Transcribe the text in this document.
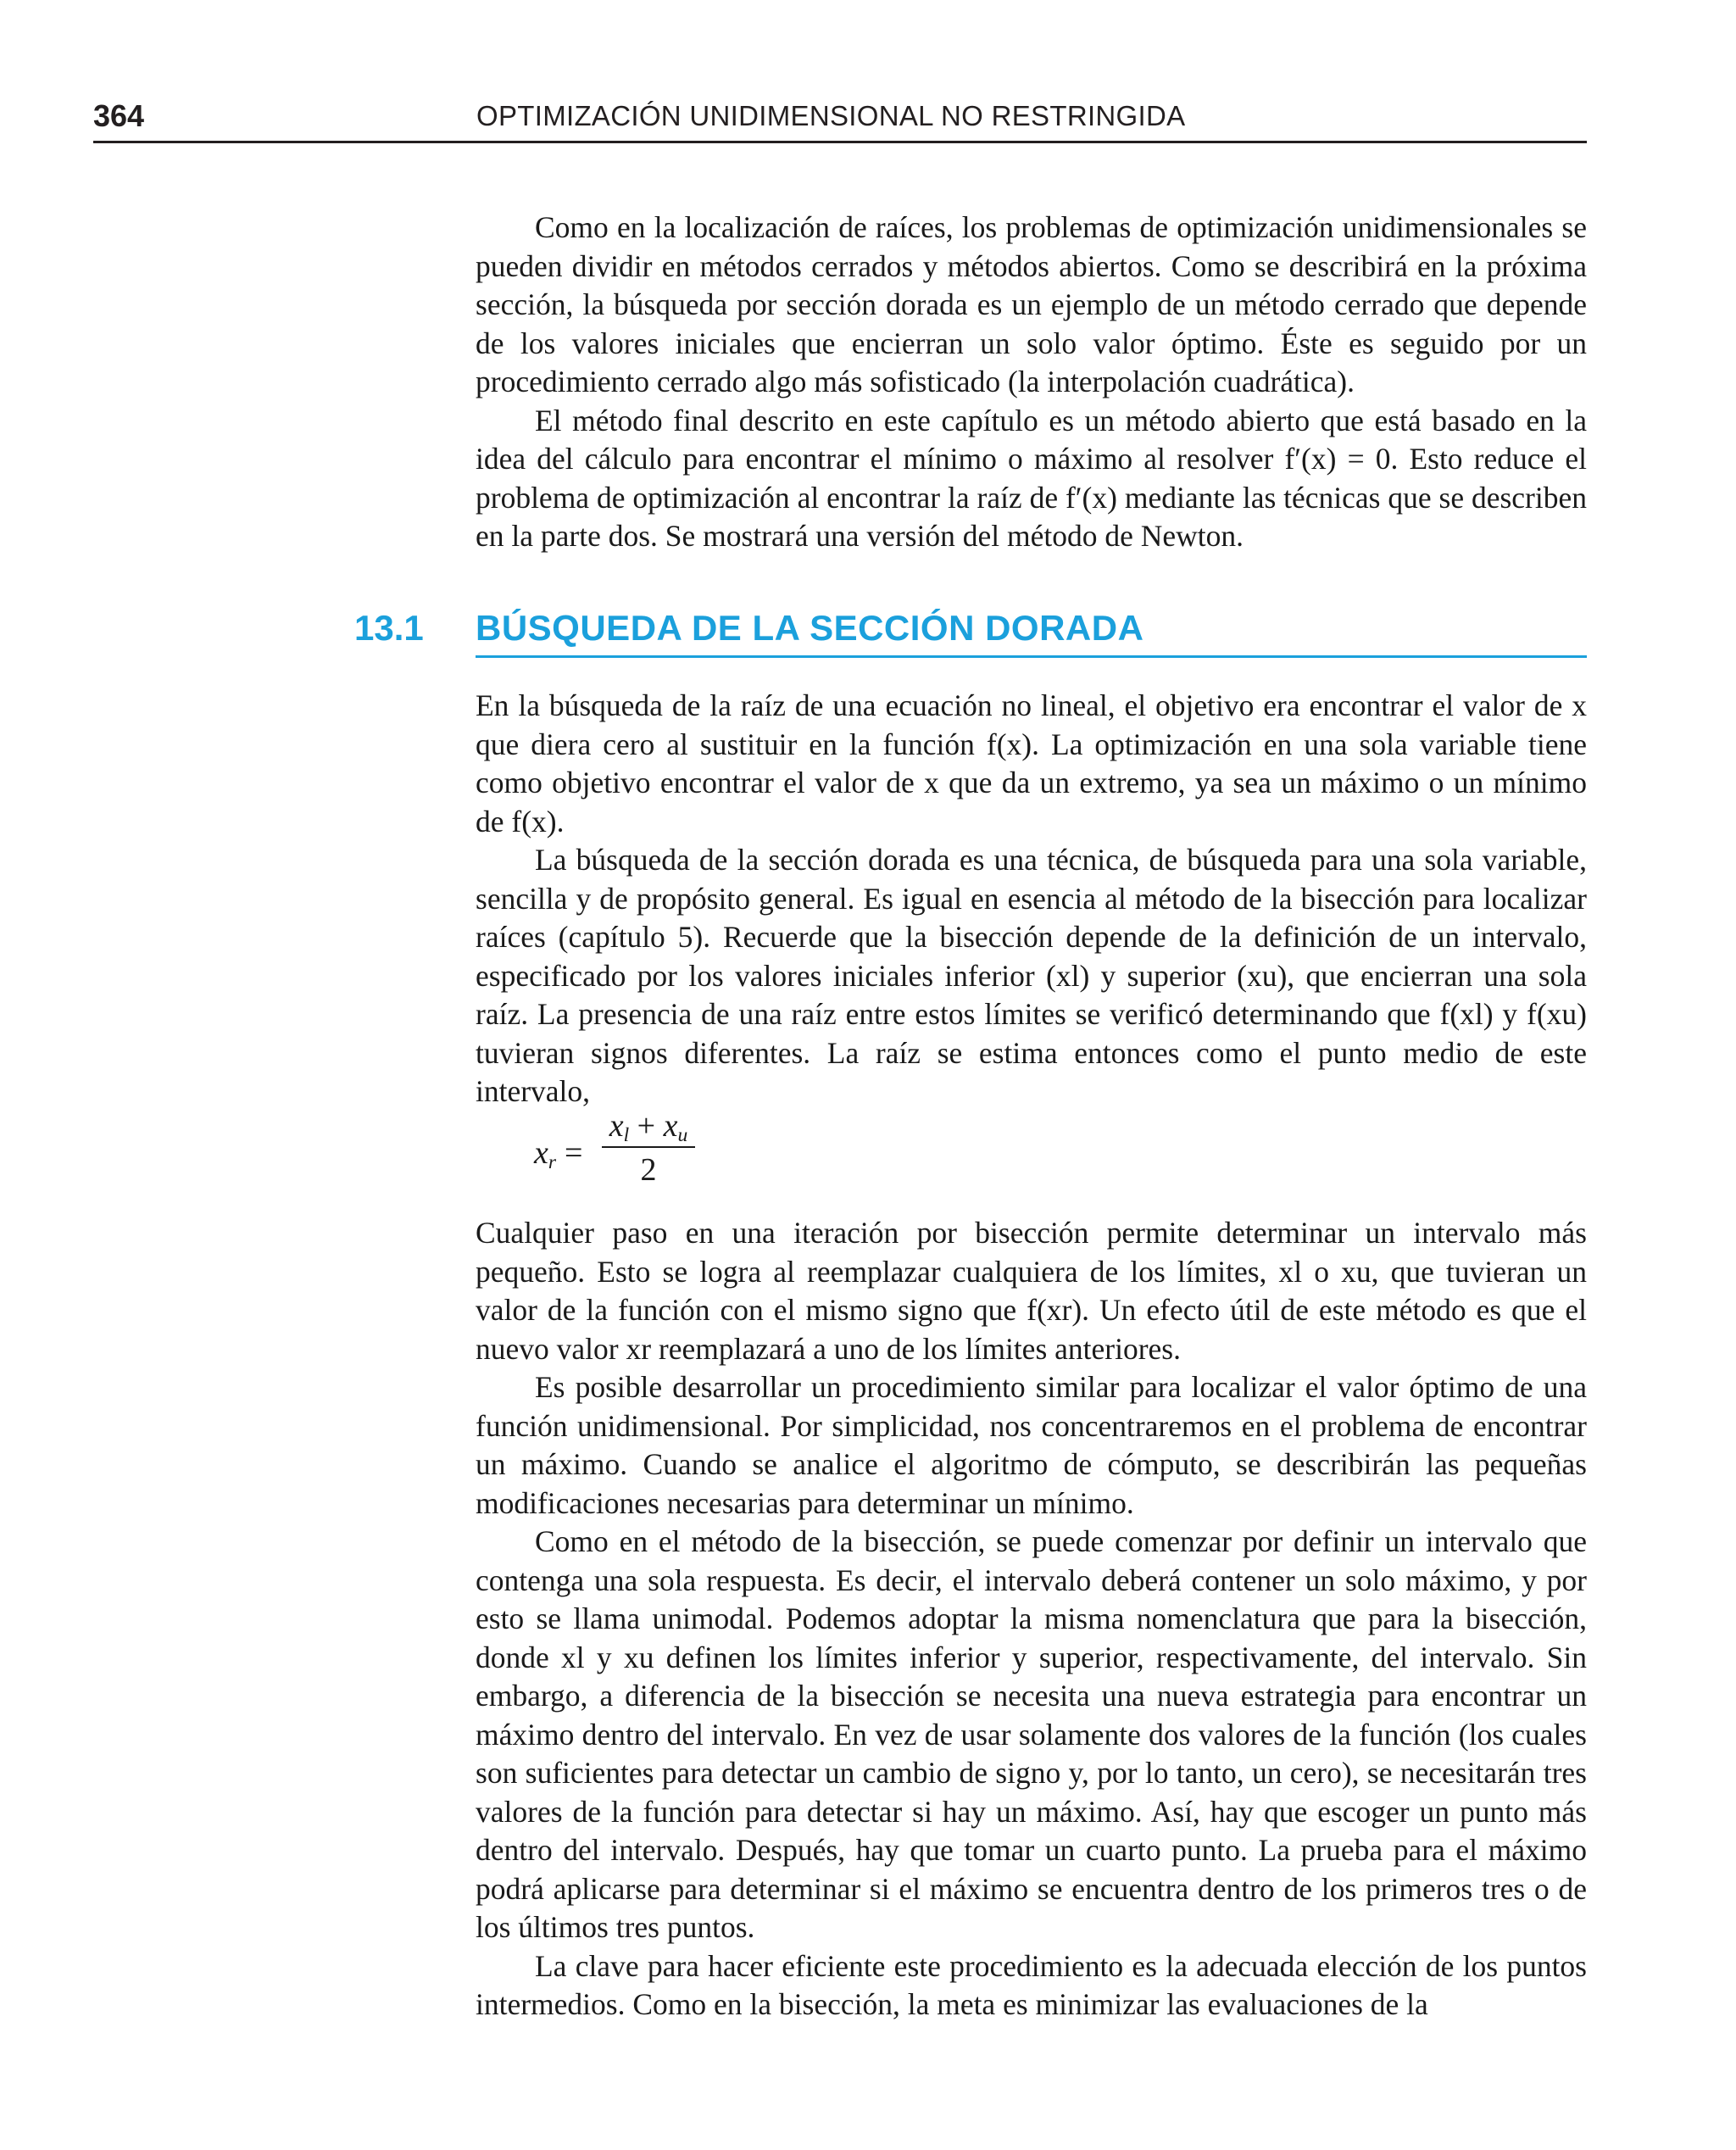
364	OPTIMIZACIÓN UNIDIMENSIONAL NO RESTRINGIDA

Como en la localización de raíces, los problemas de optimización unidimensionales se pueden dividir en métodos cerrados y métodos abiertos. Como se describirá en la próxima sección, la búsqueda por sección dorada es un ejemplo de un método cerrado que depende de los valores iniciales que encierran un solo valor óptimo. Éste es seguido por un procedimiento cerrado algo más sofisticado (la interpolación cuadrática).

El método final descrito en este capítulo es un método abierto que está basado en la idea del cálculo para encontrar el mínimo o máximo al resolver f′(x) = 0. Esto reduce el problema de optimización al encontrar la raíz de f′(x) mediante las técnicas que se describen en la parte dos. Se mostrará una versión del método de Newton.

13.1 BÚSQUEDA DE LA SECCIÓN DORADA

En la búsqueda de la raíz de una ecuación no lineal, el objetivo era encontrar el valor de x que diera cero al sustituir en la función f(x). La optimización en una sola variable tiene como objetivo encontrar el valor de x que da un extremo, ya sea un máximo o un mínimo de f(x).

La búsqueda de la sección dorada es una técnica, de búsqueda para una sola variable, sencilla y de propósito general. Es igual en esencia al método de la bisección para localizar raíces (capítulo 5). Recuerde que la bisección depende de la definición de un intervalo, especificado por los valores iniciales inferior (xl) y superior (xu), que encierran una sola raíz. La presencia de una raíz entre estos límites se verificó determinando que f(xl) y f(xu) tuvieran signos diferentes. La raíz se estima entonces como el punto medio de este intervalo,

$x_r = \frac{x_l + x_u}{2}$

Cualquier paso en una iteración por bisección permite determinar un intervalo más pequeño. Esto se logra al reemplazar cualquiera de los límites, xl o xu, que tuvieran un valor de la función con el mismo signo que f(xr). Un efecto útil de este método es que el nuevo valor xr reemplazará a uno de los límites anteriores.

Es posible desarrollar un procedimiento similar para localizar el valor óptimo de una función unidimensional. Por simplicidad, nos concentraremos en el problema de encontrar un máximo. Cuando se analice el algoritmo de cómputo, se describirán las pequeñas modificaciones necesarias para determinar un mínimo.

Como en el método de la bisección, se puede comenzar por definir un intervalo que contenga una sola respuesta. Es decir, el intervalo deberá contener un solo máximo, y por esto se llama unimodal. Podemos adoptar la misma nomenclatura que para la bisección, donde xl y xu definen los límites inferior y superior, respectivamente, del intervalo. Sin embargo, a diferencia de la bisección se necesita una nueva estrategia para encontrar un máximo dentro del intervalo. En vez de usar solamente dos valores de la función (los cuales son suficientes para detectar un cambio de signo y, por lo tanto, un cero), se necesitarán tres valores de la función para detectar si hay un máximo. Así, hay que escoger un punto más dentro del intervalo. Después, hay que tomar un cuarto punto. La prueba para el máximo podrá aplicarse para determinar si el máximo se encuentra dentro de los primeros tres o de los últimos tres puntos.

La clave para hacer eficiente este procedimiento es la adecuada elección de los puntos intermedios. Como en la bisección, la meta es minimizar las evaluaciones de la
